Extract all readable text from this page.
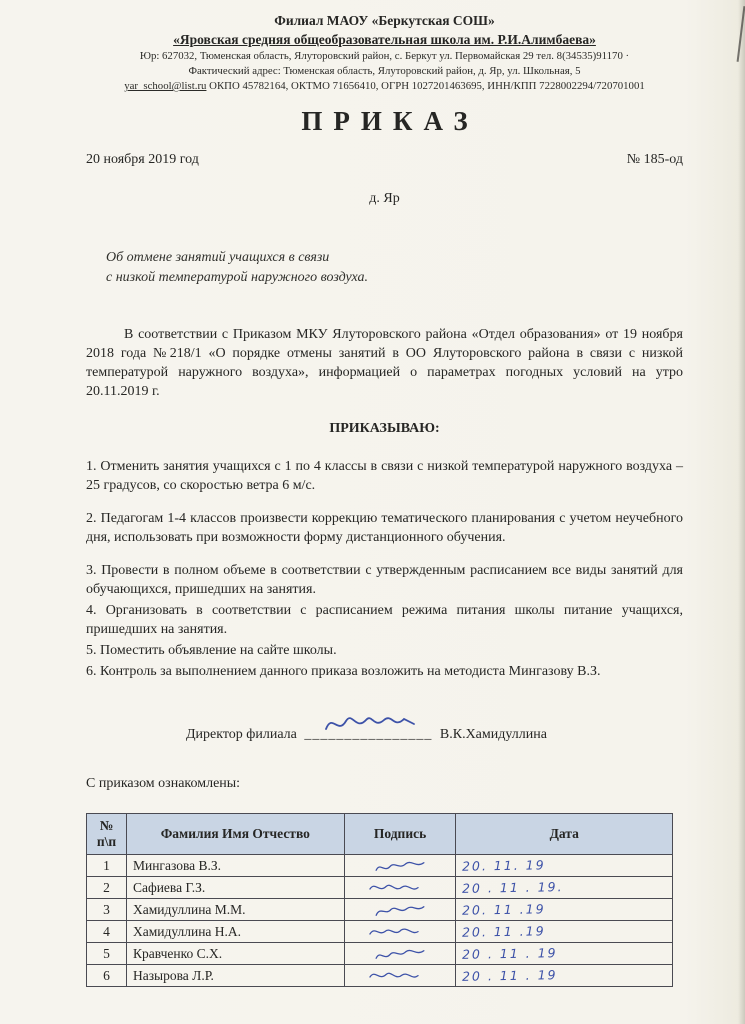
Филиал МАОУ «Беркутская СОШ»
«Яровская средняя общеобразовательная школа им. Р.И.Алимбаева»
Юр: 627032, Тюменская область, Ялуторовский район, с. Беркут ул. Первомайская 29 тел. 8(34535)91170 ·
Фактический адрес: Тюменская область, Ялуторовский район, д. Яр, ул. Школьная, 5
yar_school@list.ru ОКПО 45782164, ОКТМО 71656410, ОГРН 1027201463695, ИНН/КПП 7228002294/720701001
ПРИКАЗ
20 ноября 2019 год	№ 185-од
д. Яр
Об отмене занятий учащихся в связи
с низкой температурой наружного воздуха.

В соответствии с Приказом МКУ Ялуторовского района «Отдел образования» от 19 ноября 2018 года №218/1 «О порядке отмены занятий в ОО Ялуторовского района в связи с низкой температурой наружного воздуха», информацией о параметрах погодных условий на утро 20.11.2019 г.

ПРИКАЗЫВАЮ:

1. Отменить занятия учащихся с 1 по 4 классы в связи с низкой температурой наружного воздуха – 25 градусов, со скоростью ветра 6 м/с.

2. Педагогам 1-4 классов произвести коррекцию тематического планирования с учетом неучебного дня, использовать при возможности форму дистанционного обучения.

3. Провести в полном объеме в соответствии с утвержденным расписанием все виды занятий для обучающихся, пришедших на занятия.

4. Организовать в соответствии с расписанием режима питания школы питание учащихся, пришедших на занятия.

5. Поместить объявление на сайте школы.

6. Контроль за выполнением данного приказа возложить на методиста Мингазову В.З.

Директор филиала ________________ В.К.Хамидуллина
С приказом ознакомлены:
№
п\п	Фамилия Имя Отчество	Подпись	Дата
1	Мингазова В.З.		20. 11. 19
2	Сафиева Г.З.		20 . 11 . 19.
3	Хамидуллина М.М.		20. 11 .19
4	Хамидуллина Н.А.		20. 11 .19
5	Кравченко С.Х.		20 . 11 . 19
6	Назырова Л.Р.		20 . 11 . 19
